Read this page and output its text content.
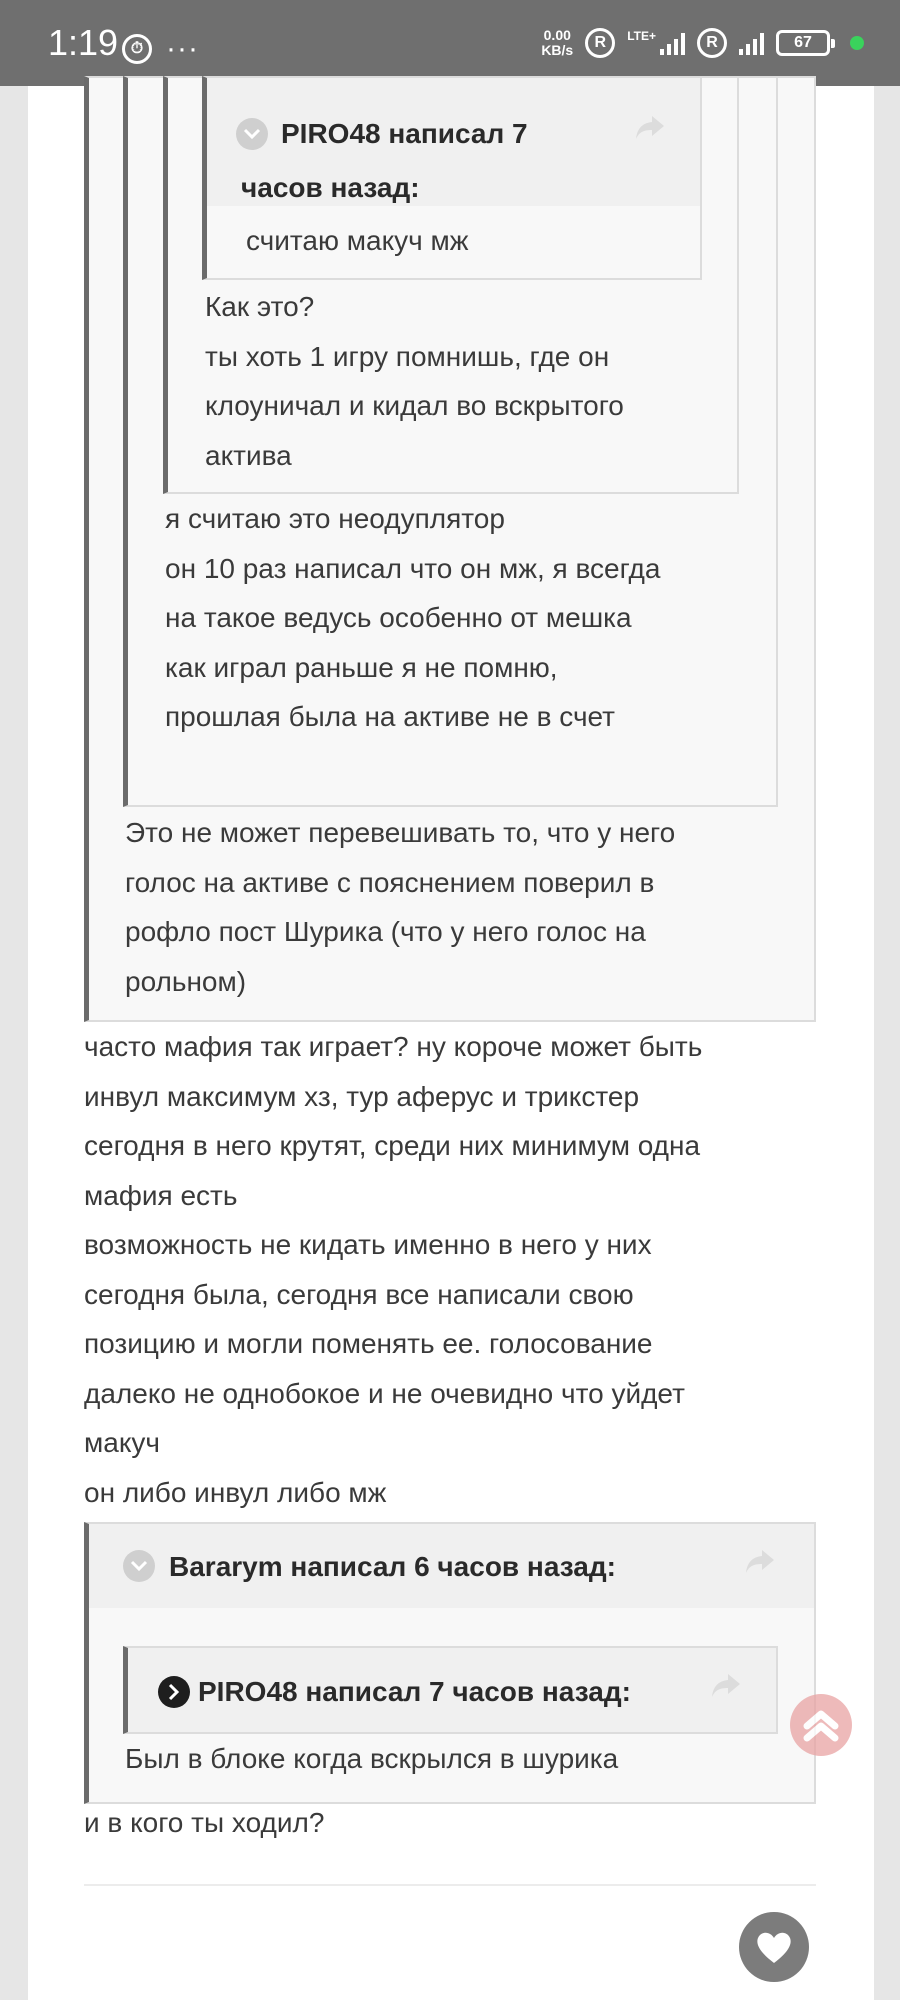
1:19 ⏱ ···	0.00
KB/s	R	LTE+	R	67
PIRO48 написал 7
часов назад:
считаю макуч мж
Как это?
ты хоть 1 игру помнишь, где он
клоуничал и кидал во вскрытого
актива
я считаю это неодуплятор
он 10 раз написал что он мж, я всегда
на такое ведусь особенно от мешка
как играл раньше я не помню,
прошлая была на активе не в счет
Это не может перевешивать то, что у него
голос на активе с пояснением поверил в
рофло пост Шурика (что у него голос на
рольном)
часто мафия так играет? ну короче может быть
инвул максимум хз, тур аферус и трикстер
сегодня в него крутят, среди них минимум одна
мафия есть
возможность не кидать именно в него у них
сегодня была, сегодня все написали свою
позицию и могли поменять ее. голосование
далеко не однобокое и не очевидно что уйдет
макуч
он либо инвул либо мж
Bararym написал 6 часов назад:
PIRO48 написал 7 часов назад:
Был в блоке когда вскрылся в шурика
и в кого ты ходил?
